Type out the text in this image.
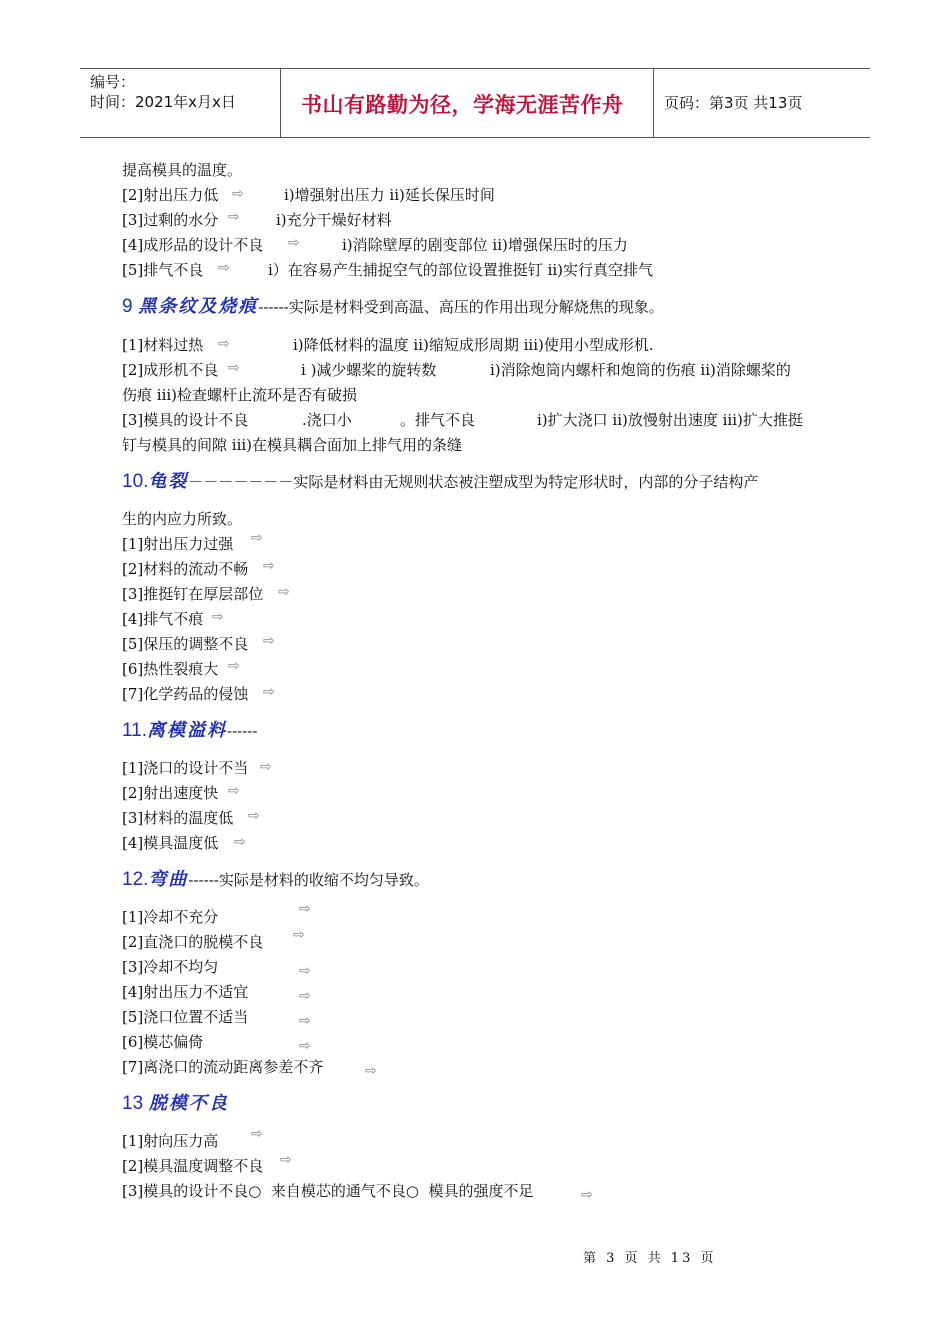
编号：
时间：2021年x月x日	书山有路勤为径，学海无涯苦作舟	页码：第3页 共13页
提高模具的温度。
[2]射出压力低 ⇨	i)增强射出压力 ii)延长保压时间
[3]过剩的水分 ⇨ i)充分干燥好材料
[4]成形品的设计不良 ⇨	i)消除壁厚的剧变部位 ii)增强保压时的压力
[5]排气不良 ⇨	i）在容易产生捕捉空气的部位设置推挺钉 ii)实行真空排气
9 黑条纹及烧痕------实际是材料受到高温、高压的作用出现分解烧焦的现象。
[1]材料过热 ⇨	i)降低材料的温度 ii)缩短成形周期 iii)使用小型成形机.
[2]成形机不良 ⇨	i )减少螺桨的旋转数	i)消除炮筒内螺杆和炮筒的伤痕 ii)消除螺桨的
伤痕 iii)检查螺杆止流环是否有破损
[3]模具的设计不良	.浇口小	。排气不良	i)扩大浇口 ii)放慢射出速度 iii)扩大推挺
钉与模具的间隙 iii)在模具耦合面加上排气用的条缝
10.龟裂－－－－－－－实际是材料由无规则状态被注塑成型为特定形状时，内部的分子结构产
生的内应力所致。
[1]射出压力过强 ⇨
[2]材料的流动不畅 ⇨
[3]推挺钉在厚层部位 ⇨
[4]排气不痕 ⇨
[5]保压的调整不良 ⇨
[6]热性裂痕大 ⇨
[7]化学药品的侵蚀 ⇨
11.离模溢料------
[1]浇口的设计不当 ⇨
[2]射出速度快 ⇨
[3]材料的温度低 ⇨
[4]模具温度低 ⇨
12.弯曲------实际是材料的收缩不均匀导致。
[1]冷却不充分	⇨
[2]直浇口的脱模不良 ⇨
[3]冷却不均匀	⇨
[4]射出压力不适宜	⇨
[5]浇口位置不适当	⇨
[6]模芯偏倚	⇨
[7]离浇口的流动距离参差不齐	⇨
13 脱模不良
[1]射向压力高 ⇨
[2]模具温度调整不良 ⇨
[3]模具的设计不良○  来自模芯的通气不良○  模具的强度不足	⇨
第 3 页 共 13 页
